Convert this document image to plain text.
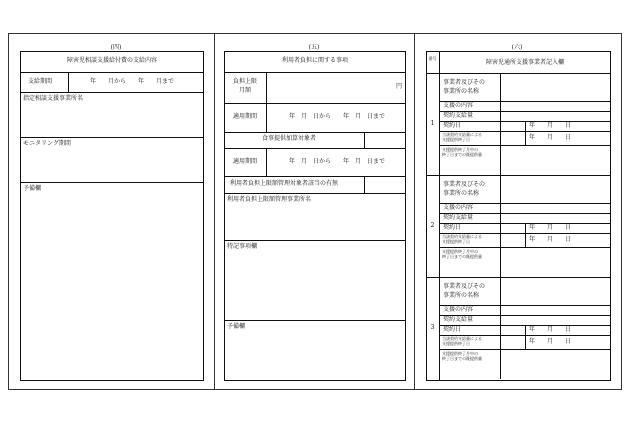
(四)
障害児相談支援給付費の支給内容
支給期間	年　　月から　　年　　月まで
指定相談支援事業所名
モニタリング期間
予備欄
(五)
利用者負担に関する事項
負担上限
月額
円
適用期間	年　月　日から　　年　月　日まで
食事提供加算対象者
適用期間	年　月　日から　　年　月　日まで
利用者負担上限額管理対象者該当の有無
利用者負担上限額管理事業所名
特記事項欄
予備欄
(六)
番号
障害児通所支援事業者記入欄
1
事業者及びその
事業所の名称
支援の内容
契約支給量
契約日	年　　月　　日
当該契約支給量による
支援提供終了日	年　　月　　日
支援提供終了月中の
終了日までの既提供量
2
事業者及びその
事業所の名称
支援の内容
契約支給量
契約日	年　　月　　日
当該契約支給量による
支援提供終了日	年　　月　　日
支援提供終了月中の
終了日までの既提供量
3
事業者及びその
事業所の名称
支援の内容
契約支給量
契約日	年　　月　　日
当該契約支給量による
支援提供終了日	年　　月　　日
支援提供終了月中の
終了日までの既提供量
